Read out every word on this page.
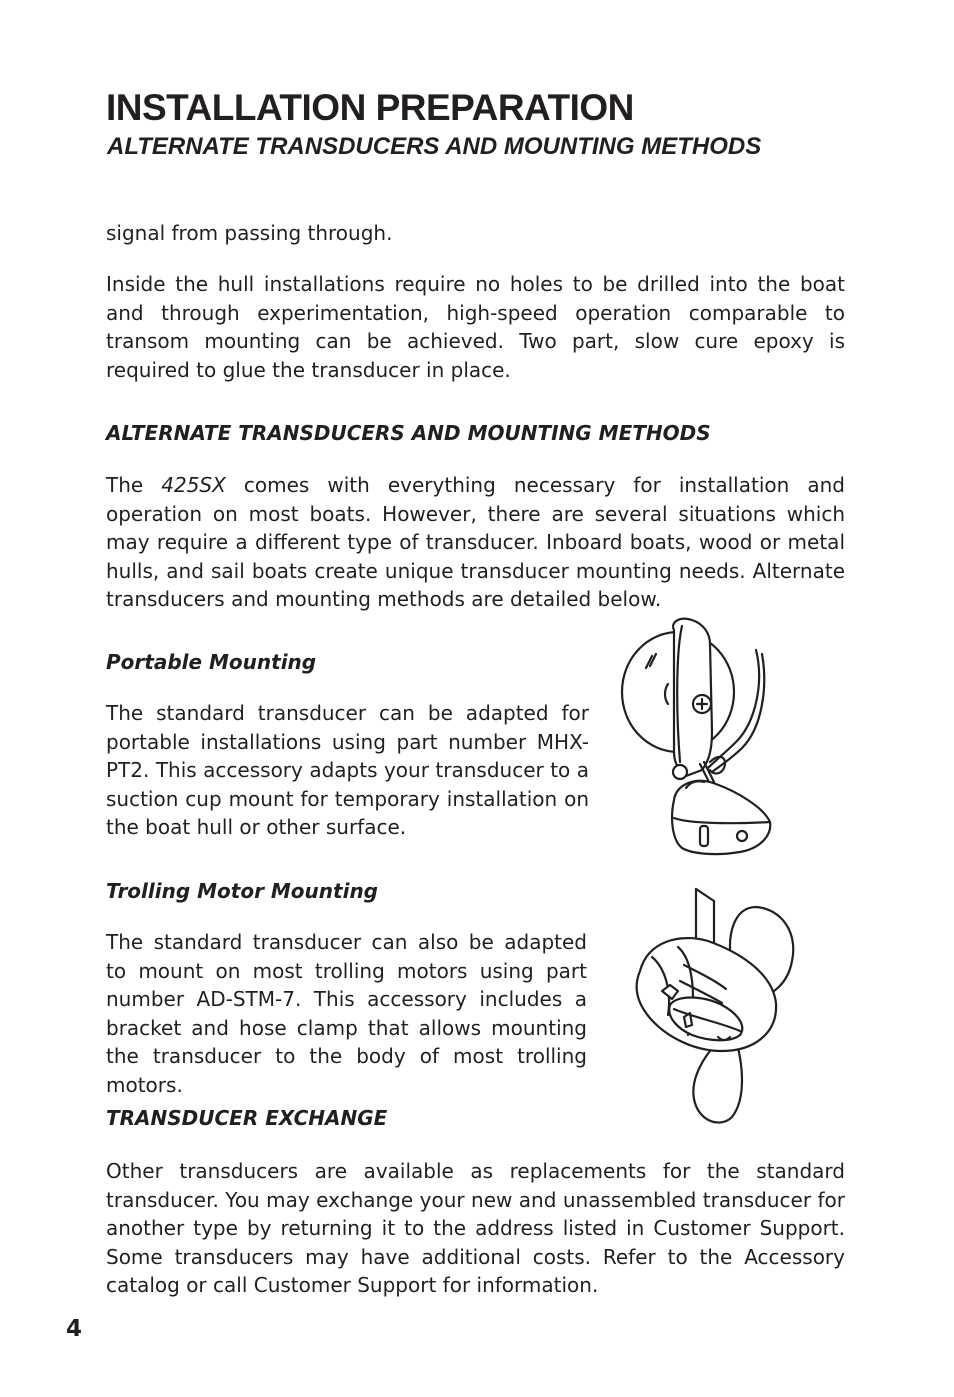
INSTALLATION PREPARATION
ALTERNATE TRANSDUCERS AND MOUNTING METHODS

signal from passing through.

Inside the hull installations require no holes to be drilled into the boat and through experimentation, high-speed operation comparable to transom mounting can be achieved. Two part, slow cure epoxy is required to glue the transducer in place.

ALTERNATE TRANSDUCERS AND MOUNTING METHODS

The 425SX comes with everything necessary for installation and operation on most boats. However, there are several situations which may require a different type of transducer. Inboard boats, wood or metal hulls, and sail boats create unique transducer mounting needs. Alternate transducers and mounting methods are detailed below.

Portable Mounting

The standard transducer can be adapted for portable installations using part number MHX-PT2. This accessory adapts your transducer to a suction cup mount for temporary installation on the boat hull or other surface.

Trolling Motor Mounting

The standard transducer can also be adapted to mount on most trolling motors using part number AD-STM-7. This accessory includes a bracket and hose clamp that allows mounting the transducer to the body of most trolling motors.

TRANSDUCER EXCHANGE

Other transducers are available as replacements for the standard transducer. You may exchange your new and unassembled transducer for another type by returning it to the address listed in Customer Support. Some transducers may have additional costs. Refer to the Accessory catalog or call Customer Support for information.

4
